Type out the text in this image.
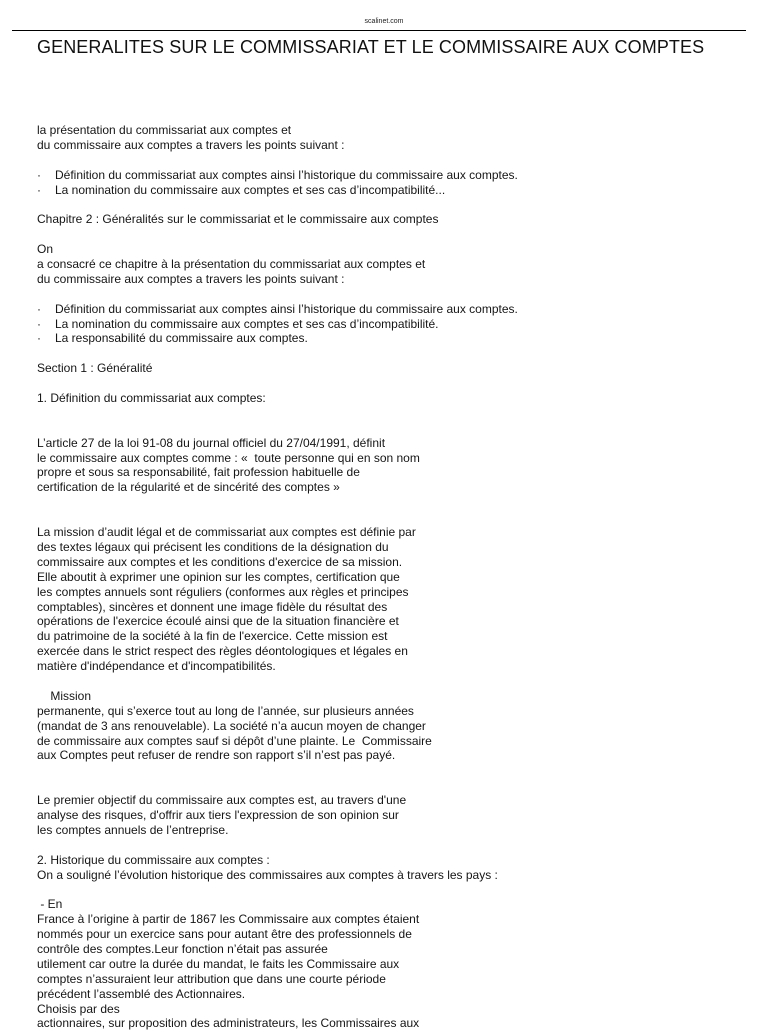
scalinet.com
GENERALITES SUR LE COMMISSARIAT ET LE COMMISSAIRE AUX COMPTES
la présentation du commissariat aux comptes et
du commissaire aux comptes a travers les points suivant :
· Définition du commissariat aux comptes ainsi l’historique du commissaire aux comptes.
· La nomination du commissaire aux comptes et ses cas d’incompatibilité...
Chapitre 2 : Généralités sur le commissariat et le commissaire aux comptes
On
a consacré ce chapitre à la présentation du commissariat aux comptes et
du commissaire aux comptes a travers les points suivant :
· Définition du commissariat aux comptes ainsi l’historique du commissaire aux comptes.
· La nomination du commissaire aux comptes et ses cas d’incompatibilité.
· La responsabilité du commissaire aux comptes.
Section 1 : Généralité
1. Définition du commissariat aux comptes:
L’article 27 de la loi 91-08 du journal officiel du 27/04/1991, définit
le commissaire aux comptes comme : «  toute personne qui en son nom
propre et sous sa responsabilité, fait profession habituelle de
certification de la régularité et de sincérité des comptes »
La mission d’audit légal et de commissariat aux comptes est définie par
des textes légaux qui précisent les conditions de la désignation du
commissaire aux comptes et les conditions d'exercice de sa mission.
Elle aboutit à exprimer une opinion sur les comptes, certification que
les comptes annuels sont réguliers (conformes aux règles et principes
comptables), sincères et donnent une image fidèle du résultat des
opérations de l'exercice écoulé ainsi que de la situation financière et
du patrimoine de la société à la fin de l'exercice. Cette mission est
exercée dans le strict respect des règles déontologiques et légales en
matière d'indépendance et d'incompatibilités.
Mission
permanente, qui s’exerce tout au long de l’année, sur plusieurs années
(mandat de 3 ans renouvelable). La société n’a aucun moyen de changer
de commissaire aux comptes sauf si dépôt d’une plainte. Le  Commissaire
aux Comptes peut refuser de rendre son rapport s’il n’est pas payé.
Le premier objectif du commissaire aux comptes est, au travers d'une
analyse des risques, d'offrir aux tiers l'expression de son opinion sur
les comptes annuels de l’entreprise.
2. Historique du commissaire aux comptes :
On a souligné l’évolution historique des commissaires aux comptes à travers les pays :
- En
France à l’origine à partir de 1867 les Commissaire aux comptes étaient
nommés pour un exercice sans pour autant être des professionnels de
contrôle des comptes.Leur fonction n’était pas assurée
utilement car outre la durée du mandat, le faits les Commissaire aux
comptes n’assuraient leur attribution que dans une courte période
précédent l’assemblé des Actionnaires.
Choisis par des
actionnaires, sur proposition des administrateurs, les Commissaires aux
